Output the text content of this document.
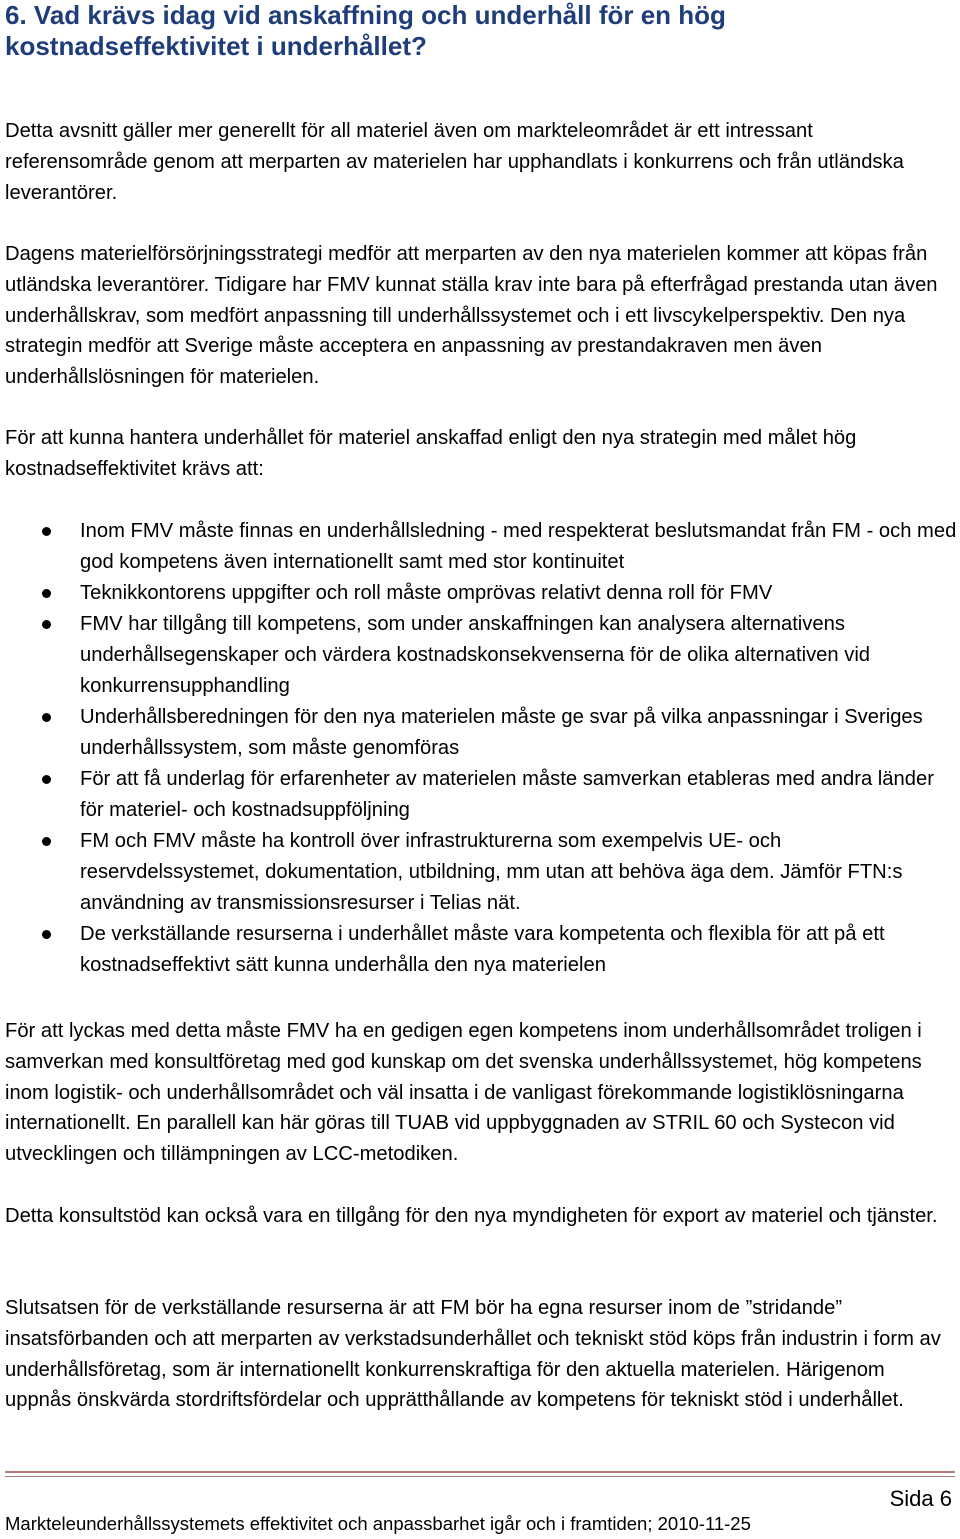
6. Vad krävs idag vid anskaffning och underhåll för en hög kostnadseffektivitet i underhållet?

Detta avsnitt gäller mer generellt för all materiel även om markteleområdet är ett intressant referensområde genom att merparten av materielen har upphandlats i konkurrens och från utländska leverantörer.

Dagens materielförsörjningsstrategi medför att merparten av den nya materielen kommer att köpas från utländska leverantörer. Tidigare har FMV kunnat ställa krav inte bara på efterfrågad prestanda utan även underhållskrav, som medfört anpassning till underhållssystemet och i ett livscykelperspektiv. Den nya strategin medför att Sverige måste acceptera en anpassning av prestandakraven men även underhållslösningen för materielen.

För att kunna hantera underhållet för materiel anskaffad enligt den nya strategin med målet hög kostnadseffektivitet krävs att:

Inom FMV måste finnas en underhållsledning - med respekterat beslutsmandat från FM - och med god kompetens även internationellt samt med stor kontinuitet
Teknikkontorens uppgifter och roll måste omprövas relativt denna roll för FMV
FMV har tillgång till kompetens, som under anskaffningen kan analysera alternativens underhållsegenskaper och värdera kostnadskonsekvenserna för de olika alternativen vid konkurrensupphandling
Underhållsberedningen för den nya materielen måste ge svar på vilka anpassningar i Sveriges underhållssystem, som måste genomföras
För att få underlag för erfarenheter av materielen måste samverkan etableras med andra länder för materiel- och kostnadsuppföljning
FM och FMV måste ha kontroll över infrastrukturerna som exempelvis UE- och reservdelssystemet, dokumentation, utbildning, mm utan att behöva äga dem. Jämför FTN:s användning av transmissionsresurser i Telias nät.
De verkställande resurserna i underhållet måste vara kompetenta och flexibla för att på ett kostnadseffektivt sätt kunna underhålla den nya materielen

För att lyckas med detta måste FMV ha en gedigen egen kompetens inom underhållsområdet troligen i samverkan med konsultföretag med god kunskap om det svenska underhållssystemet, hög kompetens inom logistik- och underhållsområdet och väl insatta i de vanligast förekommande logistiklösningarna internationellt. En parallell kan här göras till TUAB vid uppbyggnaden av STRIL 60 och Systecon vid utvecklingen och tillämpningen av LCC-metodiken.

Detta konsultstöd kan också vara en tillgång för den nya myndigheten för export av materiel och tjänster.

Slutsatsen för de verkställande resurserna är att FM bör ha egna resurser inom de ”stridande” insatsförbanden och att merparten av verkstadsunderhållet och tekniskt stöd köps från industrin i form av underhållsföretag, som är internationellt konkurrenskraftiga för den aktuella materielen. Härigenom uppnås önskvärda stordriftsfördelar och upprätthållande av kompetens för tekniskt stöd i underhållet.

Sida 6
Markteleunderhållssystemets effektivitet och anpassbarhet igår och i framtiden; 2010-11-25
